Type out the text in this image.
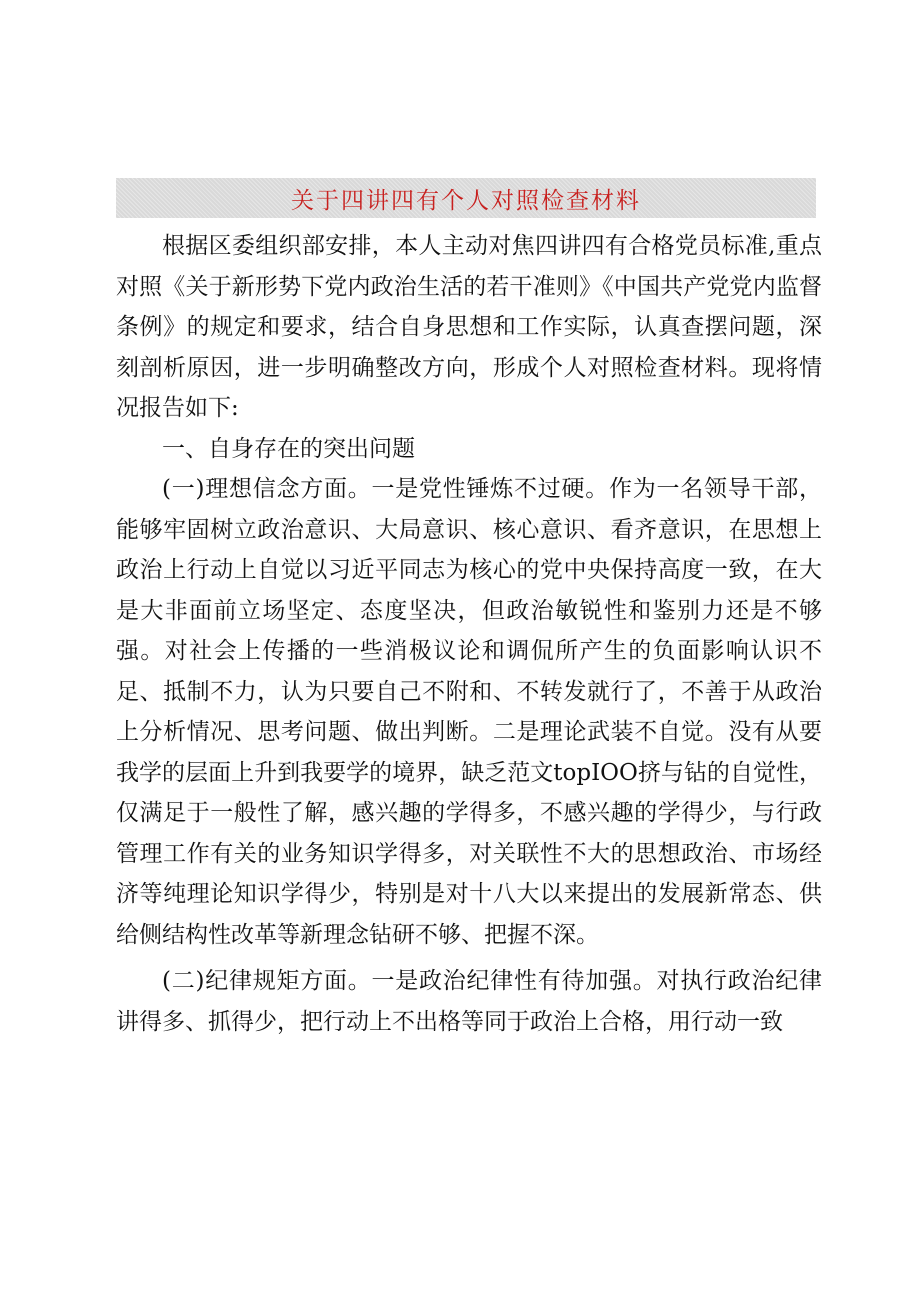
关于四讲四有个人对照检查材料

根据区委组织部安排，本人主动对焦四讲四有合格党员标准,重点对照《关于新形势下党内政治生活的若干准则》《中国共产党党内监督条例》的规定和要求，结合自身思想和工作实际，认真查摆问题，深刻剖析原因，进一步明确整改方向，形成个人对照检查材料。现将情况报告如下:

一、自身存在的突出问题

(一)理想信念方面。一是党性锤炼不过硬。作为一名领导干部，能够牢固树立政治意识、大局意识、核心意识、看齐意识，在思想上政治上行动上自觉以习近平同志为核心的党中央保持高度一致，在大是大非面前立场坚定、态度坚决，但政治敏锐性和鉴别力还是不够强。对社会上传播的一些消极议论和调侃所产生的负面影响认识不足、抵制不力，认为只要自己不附和、不转发就行了，不善于从政治上分析情况、思考问题、做出判断。二是理论武装不自觉。没有从要我学的层面上升到我要学的境界，缺乏范文topIOO挤与钻的自觉性，仅满足于一般性了解，感兴趣的学得多，不感兴趣的学得少，与行政管理工作有关的业务知识学得多，对关联性不大的思想政治、市场经济等纯理论知识学得少，特别是对十八大以来提出的发展新常态、供给侧结构性改革等新理念钻研不够、把握不深。

(二)纪律规矩方面。一是政治纪律性有待加强。对执行政治纪律讲得多、抓得少，把行动上不出格等同于政治上合格，用行动一致
